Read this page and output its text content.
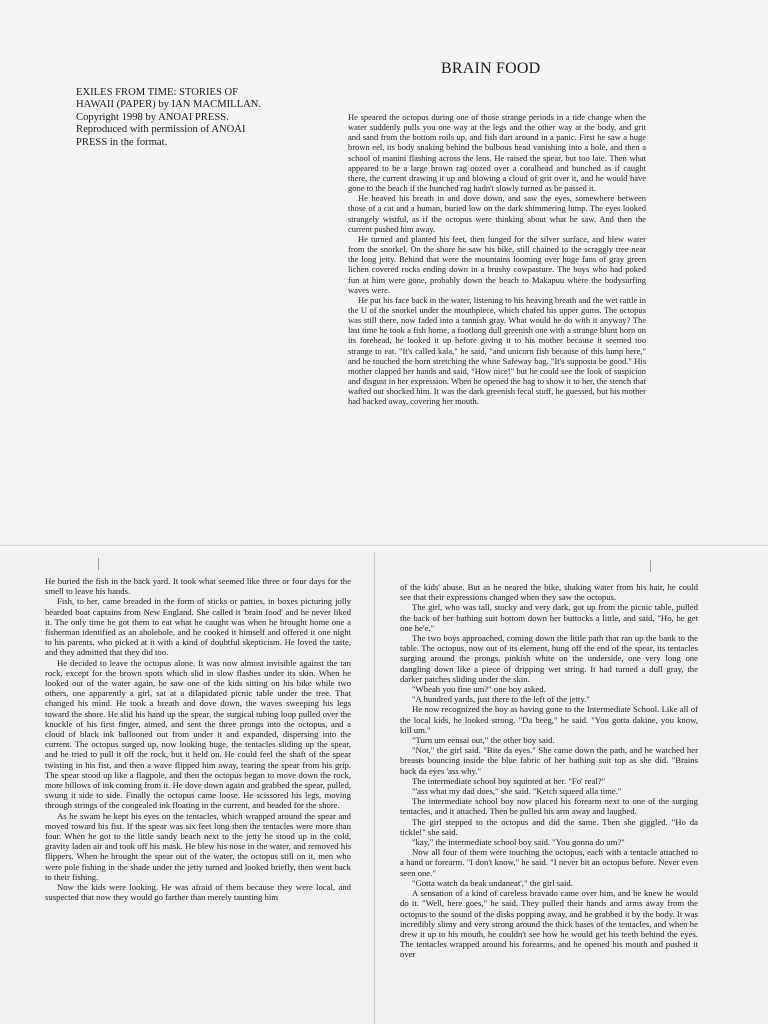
EXILES FROM TIME: STORIES OF

HAWAII (PAPER) by IAN MACMILLAN.

Copyright 1998 by ANOAI PRESS.

Reproduced with permission of ANOAI

PRESS in the format.

BRAIN FOOD

He speared the octopus during one of those strange periods in a tide change when the water suddenly pulls you one way at the legs and the other way at the body, and grit and sand from the bottom roils up, and fish dart around in a panic. First he saw a huge brown eel, its body snaking behind the bulbous head vanishing into a hole, and then a school of manini flashing across the lens. He raised the spear, but too late. Then what appeared to be a large brown rag oozed over a coralhead and bunched as if caught there, the current drawing it up and blowing a cloud of grit over it, and he would have gone to the beach if the hunched rag hadn't slowly turned as he passed it.

He heaved his breath in and dove down, and saw the eyes, somewhere between those of a cat and a human, buried low on the dark shimmering lump. The eyes looked strangely wistful, as if the octopus were thinking about what he saw. And then the current pushed him away.

He turned and planted his feet, then lunged for the silver surface, and blew water from the snorkel. On the shore he saw his bike, still chained to the scraggly tree near the long jetty. Behind that were the mountains looming over huge fans of gray green lichen covered rocks ending down in a brushy cowpasture. The boys who had poked fun at him were gone, probably down the beach to Makapuu where the bodysurfing waves were.

He put his face back in the water, listening to his heaving breath and the wet rattle in the U of the snorkel under the mouthpiece, which chafed his upper gums. The octopus was still there, now faded into a tannish gray. What would he do with it anyway? The last time he took a fish home, a footlong dull greenish one with a strange blunt horn on its forehead, he looked it up before giving it to his mother because it seemed too strange to eat. "It's called kala," he said, "and unicorn fish because of this lump here," and he touched the horn stretching the white Safeway bag. "It's supposta be good." His mother clapped her hands and said, "How nice!" but he could see the look of suspicion and disgust in her expression. When he opened the bag to show it to her, the stench that wafted out shocked him. It was the dark greenish fecal stuff, he guessed, but his mother had backed away, covering her mouth.

He buried the fish in the back yard. It took what seemed like three or four days for the smell to leave his hands.

Fish, to her, came breaded in the form of sticks or patties, in boxes picturing jolly bearded boat captains from New England. She called it 'brain food' and he never liked it. The only time he got them to eat what he caught was when he brought home one a fisherman identified as an aholehole, and he cooked it himself and offered it one night to his parents, who picked at it with a kind of doubtful skepticism. He loved the taste, and they admitted that they did too.

He decided to leave the octopus alone. It was now almost invisible against the tan rock, except for the brown spots which slid in slow flashes under its skin. When he looked out of the water again, he saw one of the kids sitting on his bike while two others, one apparently a girl, sat at a dilapidated picnic table under the tree. That changed his mind. He took a breath and dove down, the waves sweeping his legs toward the shore. He slid his hand up the spear, the surgical tubing loop pulled over the knuckle of his first finger, aimed, and sent the three prongs into the octopus, and a cloud of black ink ballooned out from under it and expanded, dispersing into the current. The octopus surged up, now looking huge, the tentacles sliding up the spear, and he tried to pull it off the rock, but it held on. He could feel the shaft of the spear twisting in his fist, and then a wave flipped him away, tearing the spear from his grip. The spear stood up like a flagpole, and then the octopus began to move down the rock, more billows of ink coming from it. He dove down again and grabbed the spear, pulled, swung it side to side. Finally the octopus came loose. He scissored his legs, moving through strings of the congealed ink floating in the current, and headed for the shore.

As he swam he kept his eyes on the tentacles, which wrapped around the spear and moved toward his fist. If the spear was six feet long then the tentacles were more than four. When he got to the little sandy beach next to the jetty he stood up in the cold, gravity laden air and took off his mask. He blew his nose in the water, and removed his flippers. When he brought the spear out of the water, the octopus still on it, men who were pole fishing in the shade under the jetty turned and looked briefly, then went back to their fishing.

Now the kids were looking. He was afraid of them because they were local, and suspected that now they would go farther than merely taunting him

of the kids' abuse. But as he neared the bike, shaking water from his hair, he could see that their expressions changed when they saw the octopus.

The girl, who was tall, stocky and very dark, got up from the picnic table, pulled the back of her bathing suit bottom down her buttocks a little, and said, "Ho, he get one he'e."

The two boys approached, coming down the little path that ran up the bank to the table. The octopus, now out of its element, hung off the end of the spear, its tentacles surging around the prongs, pinkish white on the underside, one very long one dangling down like a piece of dripping wet string. It had turned a dull gray, the darker patches sliding under the skin.

"Wheah you fine um?" one boy asked.

"A hundred yards, just there to the left of the jetty."

He now recognized the boy as having gone to the Intermediate School. Like all of the local kids, he looked strong. "Da beeg," he said. "You gotta dakine, you know, kill um."

"Turn um eensai out," the other boy said.

"Not," the girl said. "Bite da eyes." She came down the path, and he watched her breasts bouncing inside the blue fabric of her bathing suit top as she did. "Brains back da eyes 'ass why."

The intermediate school boy squinted at her. "Fo' real?"

"'ass what my dad does," she said. "Ketch squeed alla time."

The intermediate school boy now placed his forearm next to one of the surging tentacles, and it attached. Then he pulled his arm away and laughed.

The girl stepped to the octopus and did the same. Then she giggled. "Ho da tickle!" she said.

"kay," the intermediate school boy said. "You gonna do um?"

Now all four of them were touching the octopus, each with a tentacle attached to a hand or forearm. "I don't know," he said. "I never bit an octopus before. Never even seen one."

"Gotta watch da beak undaneat'," the girl said.

A sensation of a kind of careless bravado came over him, and he knew he would do it. "Well, here goes," he said. They pulled their hands and arms away from the octopus to the sound of the disks popping away, and he grabbed it by the body. It was incredibly slimy and very strong around the thick bases of the tentacles, and when he drew it up to his mouth, he couldn't see how he would get his teeth behind the eyes. The tentacles wrapped around his forearms, and he opened his mouth and pushed it over
